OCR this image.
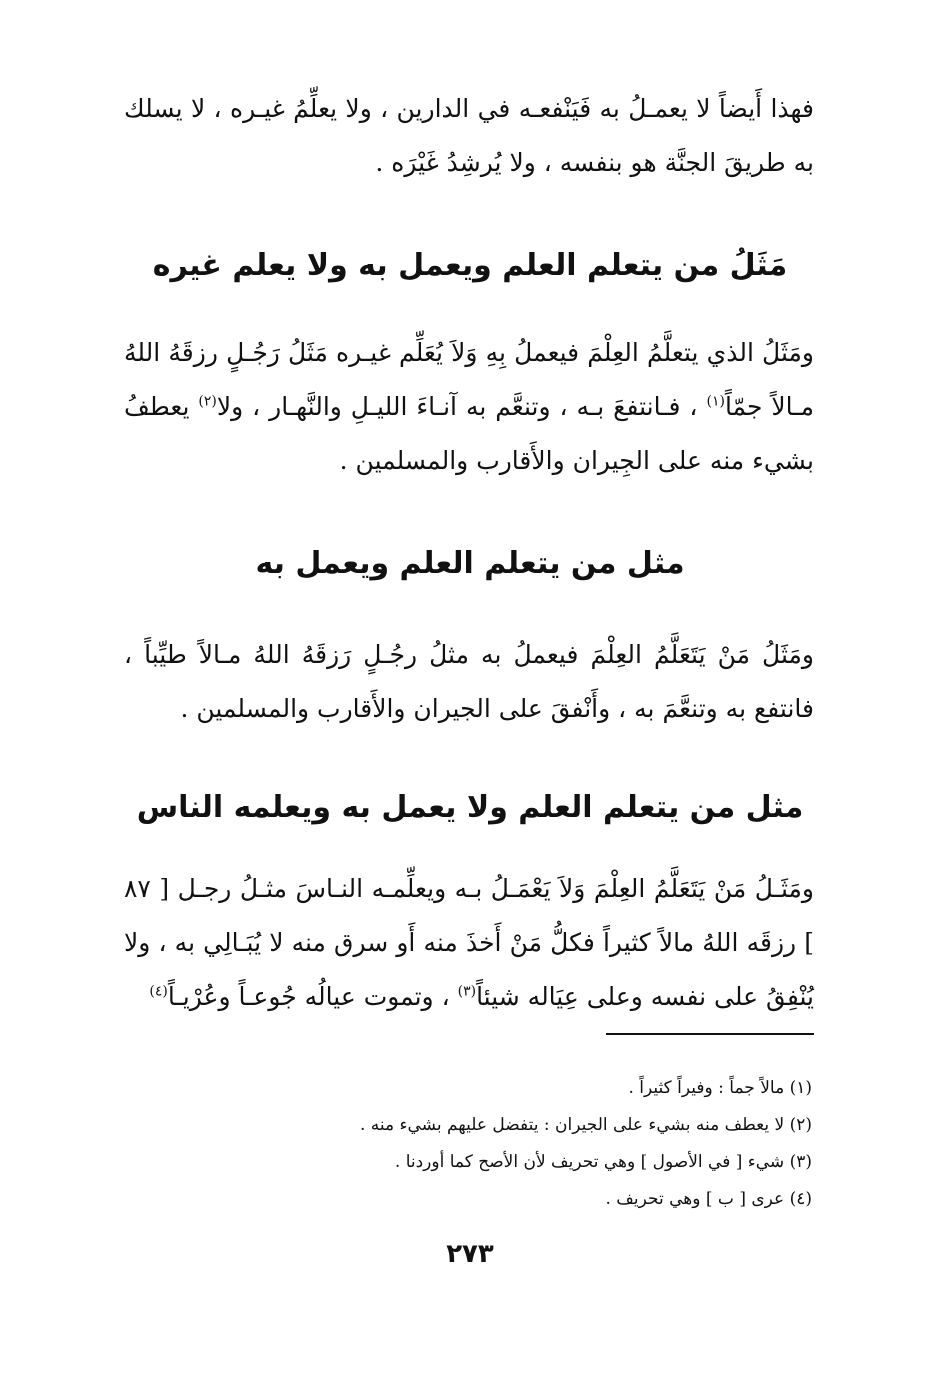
فهذا أَيضاً لا يعمـلُ به فَيَنْفعـه في الدارين ، ولا يعلِّمُ غيـره ، لا يسلك به طريقَ الجنَّة هو بنفسه ، ولا يُرشِدُ غَيْرَه .

مَثَلُ من يتعلم العلم ويعمل به ولا يعلم غيره

ومَثَلُ الذي يتعلَّمُ العِلْمَ فيعملُ بِهِ وَلاَ يُعَلِّم غيـره مَثَلُ رَجُـلٍ رزقَهُ اللهُ مـالاً جمّاً$^{(١)}$ ، فـانتفعَ بـه ، وتنعَّم به آنـاءَ الليـلِ والنَّهـار ، ولا$^{(٢)}$ يعطفُ بشيء منه على الجِيران والأَقارب والمسلمين .

مثل من يتعلم العلم ويعمل به

ومَثَلُ مَنْ يَتَعَلَّمُ العِلْمَ فيعملُ به مثلُ رجُـلٍ رَزقَهُ اللهُ مـالاً طيِّباً ، فانتفع به وتنعَّمَ به ، وأَنْفقَ على الجيران والأَقارب والمسلمين .

مثل من يتعلم العلم ولا يعمل به ويعلمه الناس

ومَثَـلُ مَنْ يَتَعَلَّمُ العِلْمَ وَلاَ يَعْمَـلُ بـه ويعلِّمـه النـاسَ مثـلُ رجـل [ ٨٧ ] رزقَه اللهُ مالاً كثيراً فكلُّ مَنْ أَخذَ منه أَو سرق منه لا يُبَـالِي به ، ولا يُنْفِقُ على نفسه وعلى عِيَاله شيئاً$^{(٣)}$ ، وتموت عيالُه جُوعـاً وعُرْيـاً$^{(٤)}$

(١) مالاً جماً : وفيراً كثيراً .
(٢) لا يعطف منه بشيء على الجيران : يتفضل عليهم بشيء منه .
(٣) شيء [ في الأصول ] وهي تحريف لأن الأصح كما أوردنا .
(٤) عرى [ ب ] وهي تحريف .
٢٧٣
